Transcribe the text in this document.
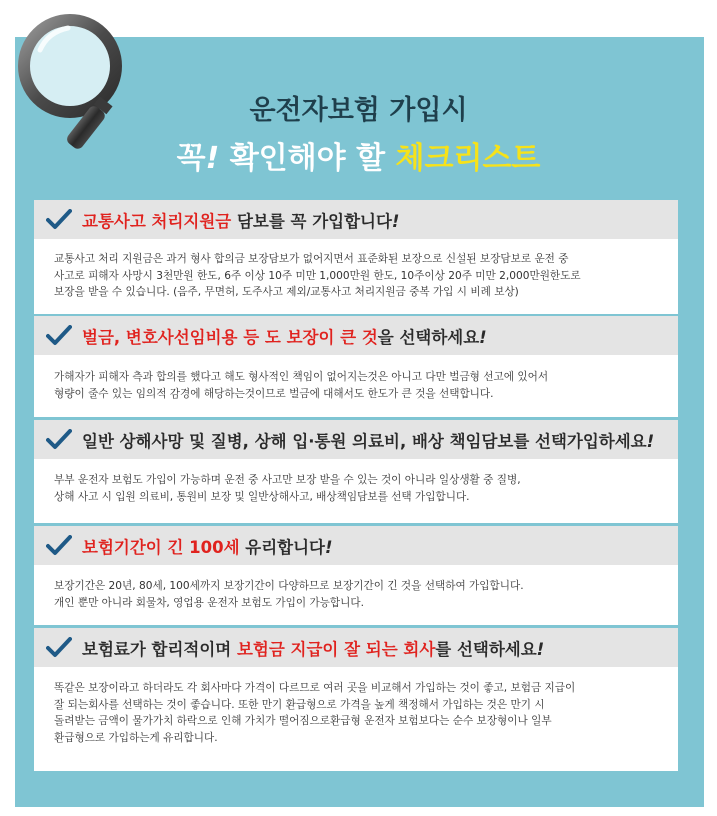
운전자보험 가입시
꼭! 확인해야 할 체크리스트
교통사고 처리지원금 담보를 꼭 가입합니다!

교통사고 처리 지원금은 과거 형사 합의금 보장담보가 없어지면서 표준화된 보장으로 신설된 보장담보로 운전 중

사고로 피해자 사망시 3천만원 한도, 6주 이상 10주 미만 1,000만원 한도, 10주이상 20주 미만 2,000만원한도로

보장을 받을 수 있습니다. (음주, 무면허, 도주사고 제외/교통사고 처리지원금 중복 가입 시 비례 보상)

벌금, 변호사선임비용 등 도 보장이 큰 것을 선택하세요!

가해자가 피해자 측과 합의를 했다고 해도 형사적인 책임이 없어지는것은 아니고 다만 벌금형 선고에 있어서

형량이 줄수 있는 임의적 감경에 해당하는것이므로 벌금에 대해서도 한도가 큰 것을 선택합니다.

일반 상해사망 및 질병, 상해 입·통원 의료비, 배상 책임담보를 선택가입하세요!

부부 운전자 보험도 가입이 가능하며 운전 중 사고만 보장 받을 수 있는 것이 아니라 일상생활 중 질병,

상해 사고 시 입원 의료비, 통원비 보장 및 일반상해사고, 배상책임담보를 선택 가입합니다.

보험기간이 긴 100세 유리합니다!

보장기간은 20년, 80세, 100세까지 보장기간이 다양하므로 보장기간이 긴 것을 선택하여 가입합니다.

개인 뿐만 아니라 회물차, 영업용 운전자 보험도 가입이 가능합니다.

보험료가 합리적이며 보험금 지급이 잘 되는 회사를 선택하세요!

똑같은 보장이라고 하더라도 각 회사마다 가격이 다르므로 여러 곳을 비교해서 가입하는 것이 좋고, 보험금 지급이

잘 되는회사를 선택하는 것이 좋습니다. 또한 만기 환급형으로 가격을 높게 책정해서 가입하는 것은 만기 시

돌려받는 금액이 물가가치 하락으로 인해 가치가 떨어짐으로환급형 운전자 보험보다는 순수 보장형이나 일부

환급형으로 가입하는게 유리합니다.
